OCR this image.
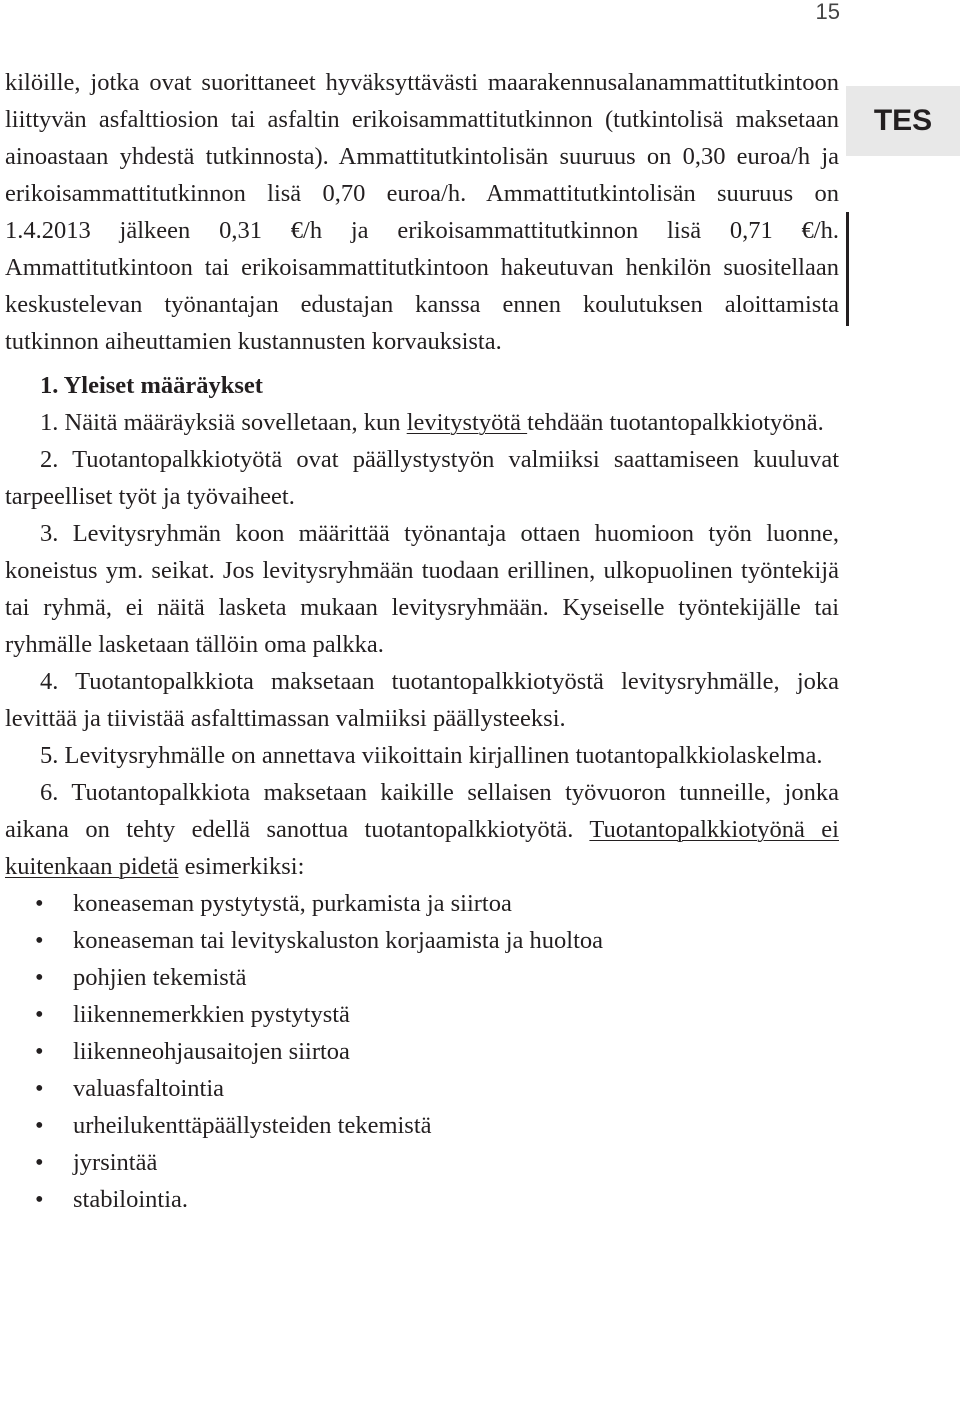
15
TES

kilöille, jotka ovat suorittaneet hyväksyttävästi maarakennusalanammattitutkintoon liittyvän asfalttiosion tai asfaltin erikoisammattitutkinnon (tutkintolisä maksetaan ainoastaan yhdestä tutkinnosta). Ammattitutkintolisän suuruus on 0,30 euroa/h ja erikoisammattitutkinnon lisä 0,70 euroa/h. Ammattitutkintolisän suuruus on 1.4.2013 jälkeen 0,31 €/h ja erikoisammattitutkinnon lisä 0,71 €/h. Ammattitutkintoon tai erikoisammattitutkintoon hakeutuvan henkilön suositellaan keskustelevan työnantajan edustajan kanssa ennen koulutuksen aloittamista tutkinnon aiheuttamien kustannusten korvauksista.

1. Yleiset määräykset

1. Näitä määräyksiä sovelletaan, kun levitystyötä tehdään tuotantopalkkiotyönä.

2. Tuotantopalkkiotyötä ovat päällystystyön valmiiksi saattamiseen kuuluvat tarpeelliset työt ja työvaiheet.

3. Levitysryhmän koon määrittää työnantaja ottaen huomioon työn luonne, koneistus ym. seikat. Jos levitysryhmään tuodaan erillinen, ulkopuolinen työntekijä tai ryhmä, ei näitä lasketa mukaan levitysryhmään. Kyseiselle työntekijälle tai ryhmälle lasketaan tällöin oma palkka.

4. Tuotantopalkkiota maksetaan tuotantopalkkiotyöstä levitysryhmälle, joka levittää ja tiivistää asfalttimassan valmiiksi päällysteeksi.

5. Levitysryhmälle on annettava viikoittain kirjallinen tuotantopalkkiolaskelma.

6. Tuotantopalkkiota maksetaan kaikille sellaisen työvuoron tunneille, jonka aikana on tehty edellä sanottua tuotantopalkkiotyötä. Tuotantopalkkiotyönä ei kuitenkaan pidetä esimerkiksi:

• koneaseman pystytystä, purkamista ja siirtoa
• koneaseman tai levityskaluston korjaamista ja huoltoa
• pohjien tekemistä
• liikennemerkkien pystytystä
• liikenneohjausaitojen siirtoa
• valuasfaltointia
• urheilukenttäpäällysteiden tekemistä
• jyrsintää
• stabilointia.
